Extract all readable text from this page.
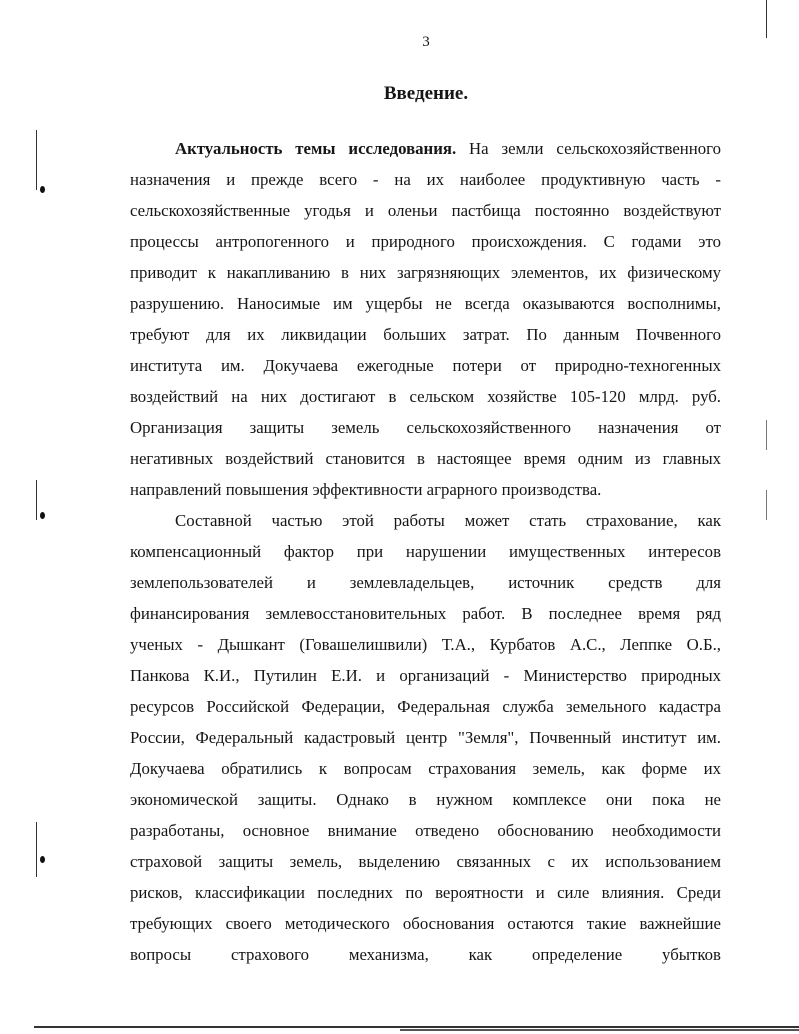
3
Введение.
Актуальность темы исследования. На земли сельскохозяйственного
назначения и прежде всего - на их наиболее продуктивную часть -
сельскохозяйственные угодья и оленьи пастбища постоянно воздействуют
процессы антропогенного и природного происхождения. С годами это
приводит к накапливанию в них загрязняющих элементов, их физическому
разрушению. Наносимые им ущербы не всегда оказываются восполнимы,
требуют для их ликвидации больших затрат. По данным Почвенного
института им. Докучаева ежегодные потери от природно-техногенных
воздействий на них достигают в сельском хозяйстве 105-120 млрд. руб.
Организация защиты земель сельскохозяйственного назначения от
негативных воздействий становится в настоящее время одним из главных
направлений повышения эффективности аграрного производства.
Составной частью этой работы может стать страхование, как
компенсационный фактор при нарушении имущественных интересов
землепользователей и землевладельцев, источник средств для
финансирования землевосстановительных работ. В последнее время ряд
ученых - Дышкант (Говашелишвили) Т.А., Курбатов А.С., Леппке О.Б.,
Панкова К.И., Путилин Е.И. и организаций - Министерство природных
ресурсов Российской Федерации, Федеральная служба земельного кадастра
России, Федеральный кадастровый центр "Земля", Почвенный институт им.
Докучаева обратились к вопросам страхования земель, как форме их
экономической защиты. Однако в нужном комплексе они пока не
разработаны, основное внимание отведено обоснованию необходимости
страховой защиты земель, выделению связанных с их использованием
рисков, классификации последних по вероятности и силе влияния. Среди
требующих своего методического обоснования остаются такие важнейшие
вопросы страхового механизма, как определение убытков
